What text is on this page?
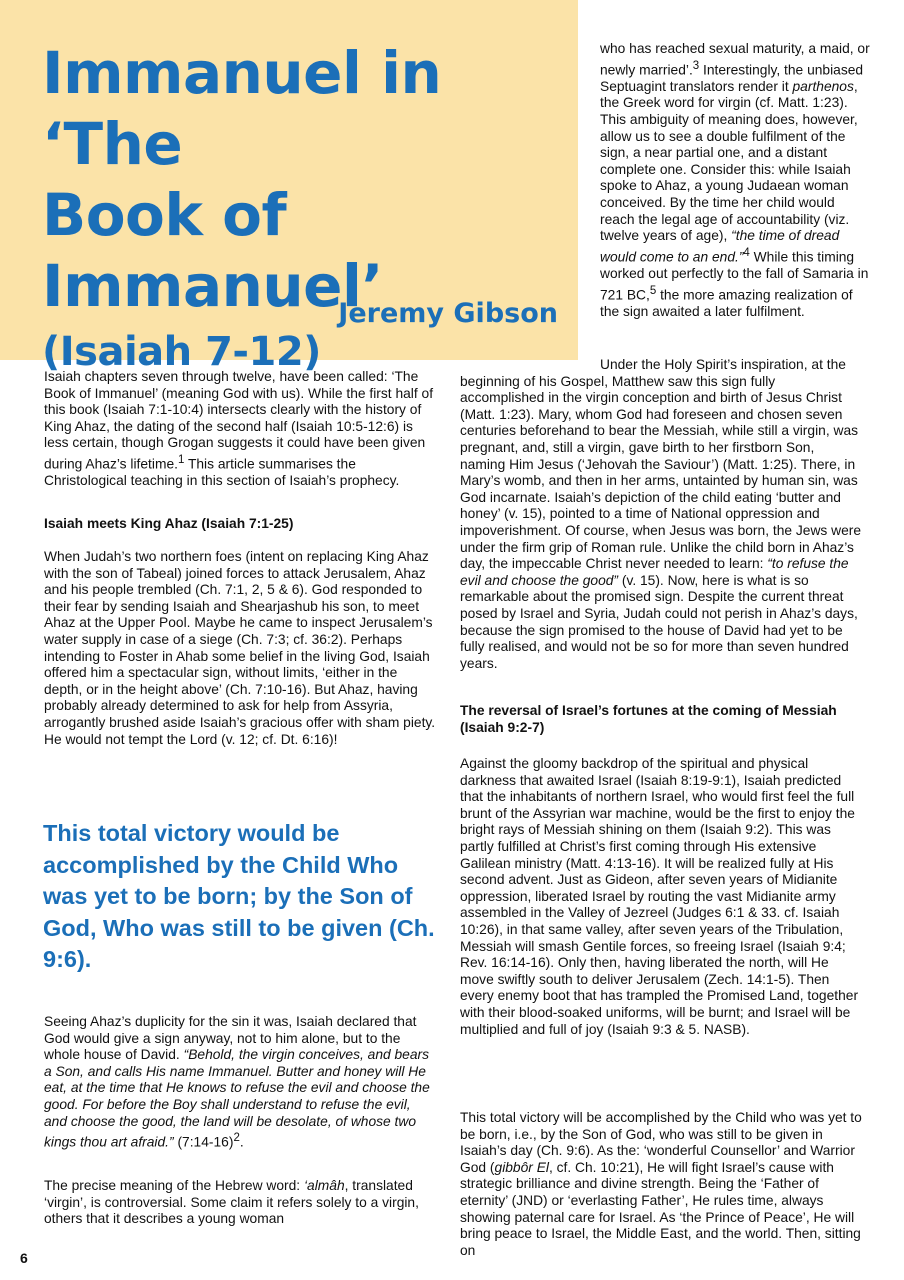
Immanuel in ‘The
Book of
Immanuel’

(Isaiah 7-12)

Jeremy Gibson

who has reached sexual maturity, a maid, or newly married’.$^3$ Interestingly, the unbiased Septuagint translators render it parthenos, the Greek word for virgin (cf. Matt. 1:23). This ambiguity of meaning does, however, allow us to see a double fulfilment of the sign, a near partial one, and a distant complete one. Consider this: while Isaiah spoke to Ahaz, a young Judaean woman conceived. By the time her child would reach the legal age of accountability (viz. twelve years of age), “the time of dread would come to an end.”$^4$ While this timing worked out perfectly to the fall of Samaria in 721 BC,$^5$ the more amazing realization of the sign awaited a later fulfilment.

Under the Holy Spirit’s inspiration, at the beginning of his Gospel, Matthew saw this sign fully accomplished in the virgin conception and birth of Jesus Christ (Matt. 1:23). Mary, whom God had foreseen and chosen seven centuries beforehand to bear the Messiah, while still a virgin, was pregnant, and, still a virgin, gave birth to her firstborn Son, naming Him Jesus (‘Jehovah the Saviour’) (Matt. 1:25). There, in Mary’s womb, and then in her arms, untainted by human sin, was God incarnate. Isaiah’s depiction of the child eating ‘butter and honey’ (v. 15), pointed to a time of National oppression and impoverishment. Of course, when Jesus was born, the Jews were under the firm grip of Roman rule. Unlike the child born in Ahaz’s day, the impeccable Christ never needed to learn: “to refuse the evil and choose the good” (v. 15). Now, here is what is so remarkable about the promised sign. Despite the current threat posed by Israel and Syria, Judah could not perish in Ahaz’s days, because the sign promised to the house of David had yet to be fully realised, and would not be so for more than seven hundred years.

The reversal of Israel’s fortunes at the coming of Messiah (Isaiah 9:2-7)

Against the gloomy backdrop of the spiritual and physical darkness that awaited Israel (Isaiah 8:19-9:1), Isaiah predicted that the inhabitants of northern Israel, who would first feel the full brunt of the Assyrian war machine, would be the first to enjoy the bright rays of Messiah shining on them (Isaiah 9:2). This was partly fulfilled at Christ’s first coming through His extensive Galilean ministry (Matt. 4:13-16). It will be realized fully at His second advent. Just as Gideon, after seven years of Midianite oppression, liberated Israel by routing the vast Midianite army assembled in the Valley of Jezreel (Judges 6:1 & 33. cf. Isaiah 10:26), in that same valley, after seven years of the Tribulation, Messiah will smash Gentile forces, so freeing Israel (Isaiah 9:4; Rev. 16:14-16). Only then, having liberated the north, will He move swiftly south to deliver Jerusalem (Zech. 14:1-5). Then every enemy boot that has trampled the Promised Land, together with their blood-soaked uniforms, will be burnt; and Israel will be multiplied and full of joy (Isaiah 9:3 & 5. NASB).

This total victory will be accomplished by the Child who was yet to be born, i.e., by the Son of God, who was still to be given in Isaiah’s day (Ch. 9:6). As the: ‘wonderful Counsellor’ and Warrior God (gibbôr El, cf. Ch. 10:21), He will fight Israel’s cause with strategic brilliance and divine strength. Being the ‘Father of eternity’ (JND) or ‘everlasting Father’, He rules time, always showing paternal care for Israel. As ‘the Prince of Peace’, He will bring peace to Israel, the Middle East, and the world. Then, sitting on

Isaiah chapters seven through twelve, have been called: ‘The Book of Immanuel’ (meaning God with us). While the first half of this book (Isaiah 7:1-10:4) intersects clearly with the history of King Ahaz, the dating of the second half (Isaiah 10:5-12:6) is less certain, though Grogan suggests it could have been given during Ahaz’s lifetime.$^1$ This article summarises the Christological teaching in this section of Isaiah’s prophecy.

Isaiah meets King Ahaz (Isaiah 7:1-25)

When Judah’s two northern foes (intent on replacing King Ahaz with the son of Tabeal) joined forces to attack Jerusalem, Ahaz and his people trembled (Ch. 7:1, 2, 5 & 6). God responded to their fear by sending Isaiah and Shearjashub his son, to meet Ahaz at the Upper Pool. Maybe he came to inspect Jerusalem’s water supply in case of a siege (Ch. 7:3; cf. 36:2). Perhaps intending to Foster in Ahab some belief in the living God, Isaiah offered him a spectacular sign, without limits, ‘either in the depth, or in the height above’ (Ch. 7:10-16). But Ahaz, having probably already determined to ask for help from Assyria, arrogantly brushed aside Isaiah’s gracious offer with sham piety. He would not tempt the Lord (v. 12; cf. Dt. 6:16)!

This total victory would be accomplished by the Child Who was yet to be born; by the Son of God, Who was still to be given (Ch. 9:6).

Seeing Ahaz’s duplicity for the sin it was, Isaiah declared that God would give a sign anyway, not to him alone, but to the whole house of David. “Behold, the virgin conceives, and bears a Son, and calls His name Immanuel. Butter and honey will He eat, at the time that He knows to refuse the evil and choose the good. For before the Boy shall understand to refuse the evil, and choose the good, the land will be desolate, of whose two kings thou art afraid.” (7:14-16)$^2$.

The precise meaning of the Hebrew word: ‘almâh, translated ‘virgin’, is controversial. Some claim it refers solely to a virgin, others that it describes a young woman

6
